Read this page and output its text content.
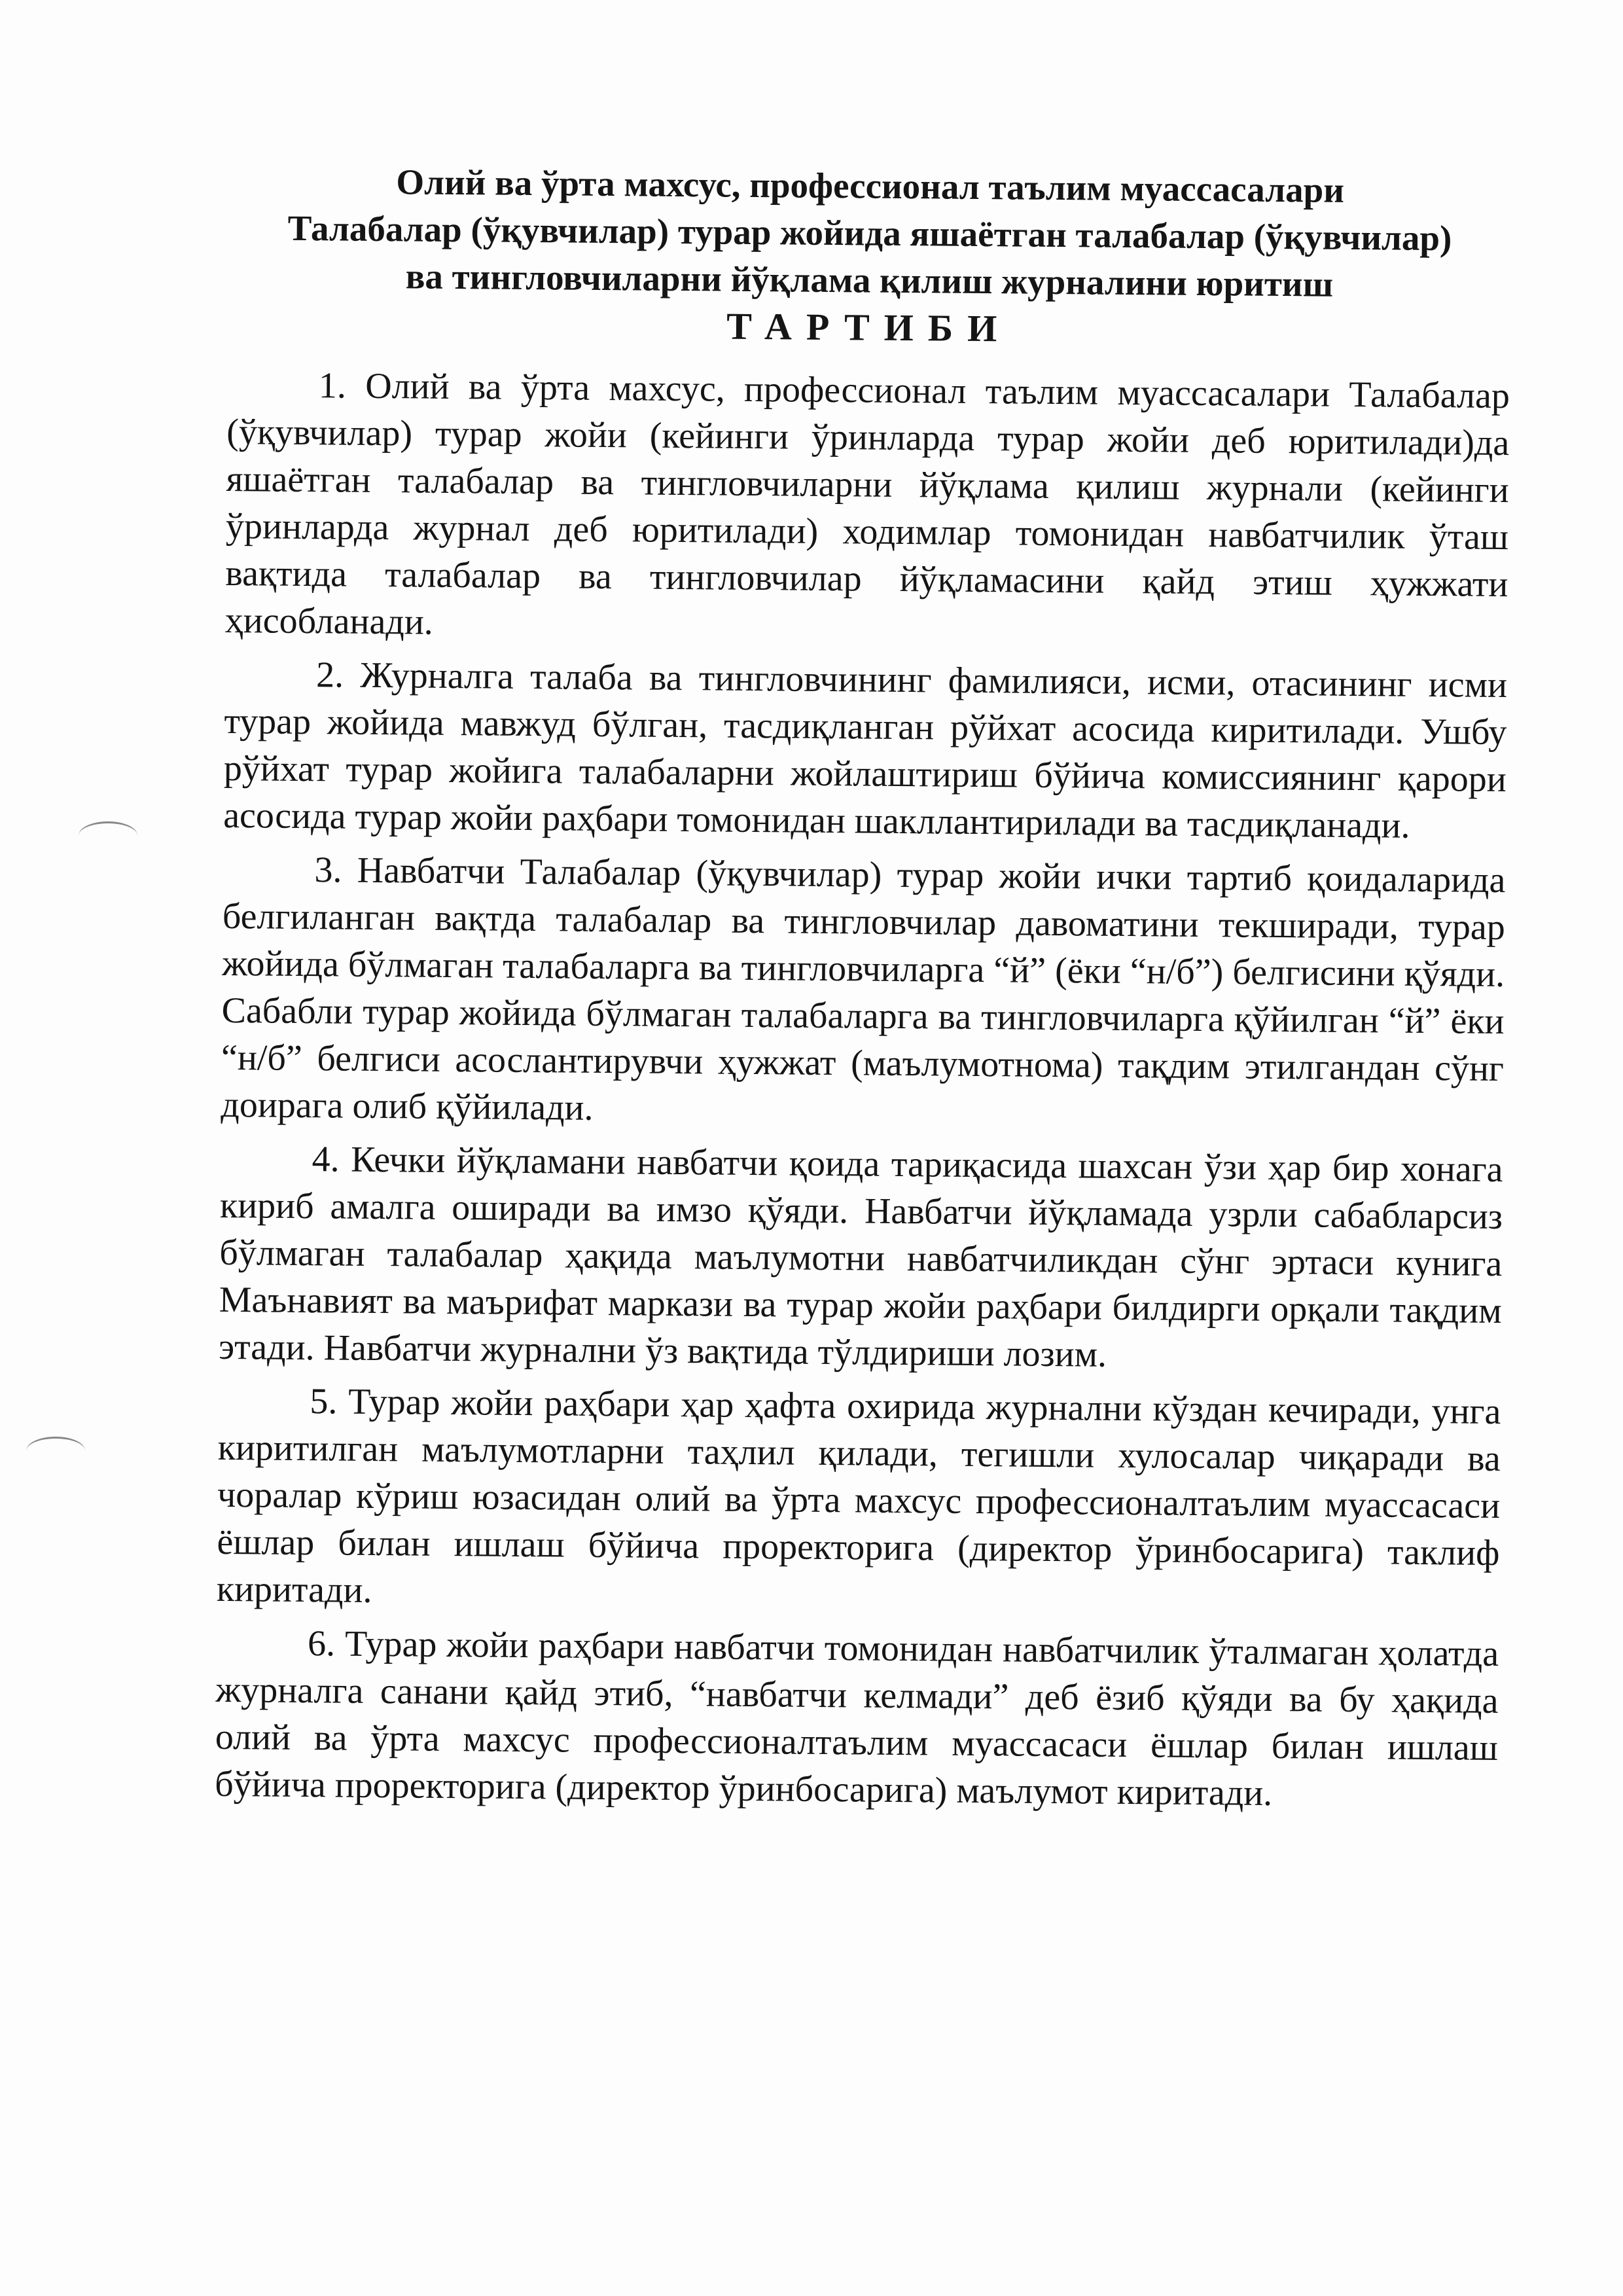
Олий ва ўрта махсус, профессионал таълим муассасалари

Талабалар (ўқувчилар) турар жойида яшаётган талабалар (ўқувчилар)

ва тингловчиларни йўқлама қилиш журналини юритиш

ТАРТИБИ

1. Олий ва ўрта махсус, профессионал таълим муассасалари Талабалар (ўқувчилар) турар жойи (кейинги ўринларда турар жойи деб юритилади)да яшаётган талабалар ва тингловчиларни йўқлама қилиш журнали (кейинги ўринларда журнал деб юритилади) ходимлар томонидан навбатчилик ўташ вақтида талабалар ва тингловчилар йўқламасини қайд этиш ҳужжати ҳисобланади.

2. Журналга талаба ва тингловчининг фамилияси, исми, отасининг исми турар жойида мавжуд бўлган, тасдиқланган рўйхат асосида киритилади. Ушбу рўйхат турар жойига талабаларни жойлаштириш бўйича комиссиянинг қарори асосида турар жойи раҳбари томонидан шакллантирилади ва тасдиқланади.

3. Навбатчи Талабалар (ўқувчилар) турар жойи ички тартиб қоидаларида белгиланган вақтда талабалар ва тингловчилар давоматини текширади, турар жойида бўлмаган талабаларга ва тингловчиларга “й” (ёки “н/б”) белгисини қўяди. Сабабли турар жойида бўлмаган талабаларга ва тингловчиларга қўйилган “й” ёки “н/б” белгиси асослантирувчи ҳужжат (маълумотнома) тақдим этилгандан сўнг доирага олиб қўйилади.

4. Кечки йўқламани навбатчи қоида тариқасида шахсан ўзи ҳар бир хонага кириб амалга оширади ва имзо қўяди. Навбатчи йўқламада узрли сабабларсиз бўлмаган талабалар ҳақида маълумотни навбатчиликдан сўнг эртаси кунига Маънавият ва маърифат маркази ва турар жойи раҳбари билдирги орқали тақдим этади. Навбатчи журнални ўз вақтида тўлдириши лозим.

5. Турар жойи раҳбари ҳар ҳафта охирида журнални кўздан кечиради, унга киритилган маълумотларни таҳлил қилади, тегишли хулосалар чиқаради ва чоралар кўриш юзасидан олий ва ўрта махсус профессионалтаълим муассасаси ёшлар билан ишлаш бўйича проректорига (директор ўринбосарига) таклиф киритади.

6. Турар жойи раҳбари навбатчи томонидан навбатчилик ўталмаган ҳолатда журналга санани қайд этиб, “навбатчи келмади” деб ёзиб қўяди ва бу ҳақида олий ва ўрта махсус профессионалтаълим муассасаси ёшлар билан ишлаш бўйича проректорига (директор ўринбосарига) маълумот киритади.
